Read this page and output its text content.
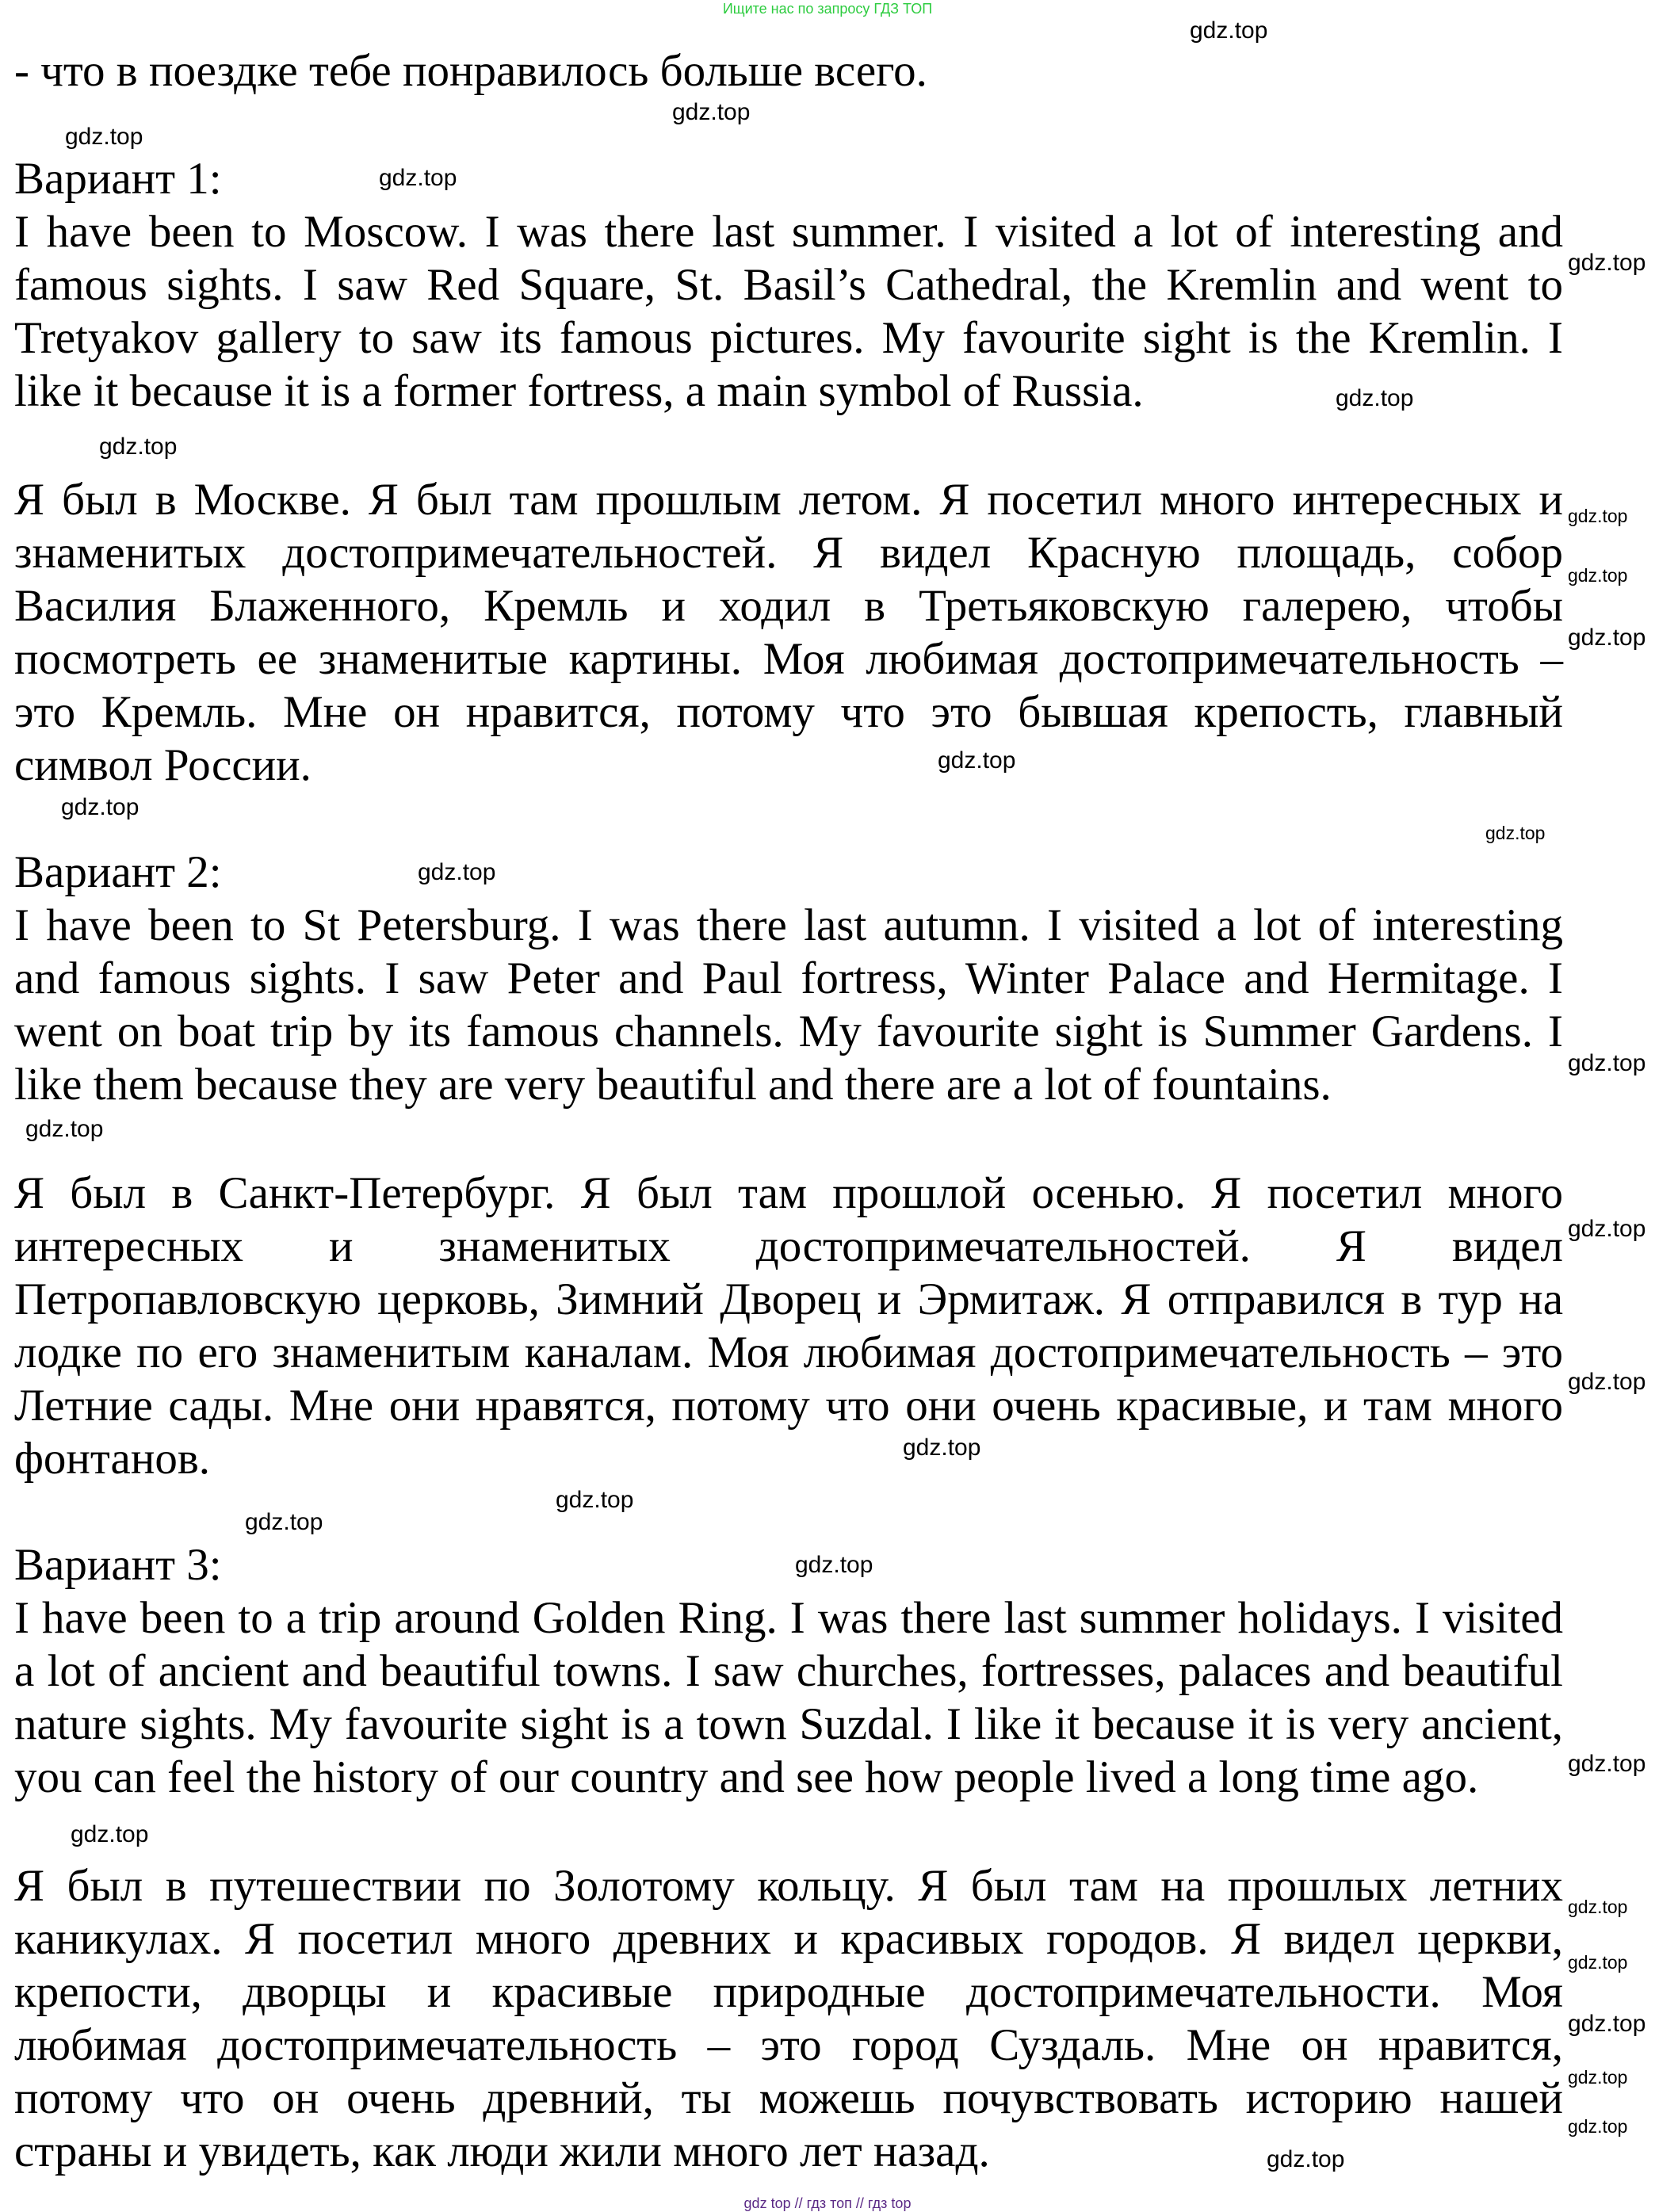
Ищите нас по запросу ГДЗ ТОП
- что в поездке тебе понравилось больше всего.
Вариант 1:
I have been to Moscow. I was there last summer. I visited a lot of interesting and
famous sights. I saw Red Square, St. Basil’s Cathedral, the Kremlin and went to
Tretyakov gallery to saw its famous pictures. My favourite sight is the Kremlin. I
like it because it is a former fortress, a main symbol of Russia.
Я был в Москве. Я был там прошлым летом. Я посетил много интересных и
знаменитых достопримечательностей. Я видел Красную площадь, собор
Василия Блаженного, Кремль и ходил в Третьяковскую галерею, чтобы
посмотреть ее знаменитые картины. Моя любимая достопримечательность –
это Кремль. Мне он нравится, потому что это бывшая крепость, главный
символ России.
Вариант 2:
I have been to St Petersburg. I was there last autumn. I visited a lot of interesting
and famous sights. I saw Peter and Paul fortress, Winter Palace and Hermitage. I
went on boat trip by its famous channels. My favourite sight is Summer Gardens. I
like them because they are very beautiful and there are a lot of fountains.
Я был в Санкт-Петербург. Я был там прошлой осенью. Я посетил много
интересных и знаменитых достопримечательностей. Я видел
Петропавловскую церковь, Зимний Дворец и Эрмитаж. Я отправился в тур на
лодке по его знаменитым каналам. Моя любимая достопримечательность – это
Летние сады. Мне они нравятся, потому что они очень красивые, и там много
фонтанов.
Вариант 3:
I have been to a trip around Golden Ring. I was there last summer holidays. I visited
a lot of ancient and beautiful towns. I saw churches, fortresses, palaces and beautiful
nature sights. My favourite sight is a town Suzdal. I like it because it is very ancient,
you can feel the history of our country and see how people lived a long time ago.
Я был в путешествии по Золотому кольцу. Я был там на прошлых летних
каникулах. Я посетил много древних и красивых городов. Я видел церкви,
крепости, дворцы и красивые природные достопримечательности. Моя
любимая достопримечательность – это город Суздаль. Мне он нравится,
потому что он очень древний, ты можешь почувствовать историю нашей
страны и увидеть, как люди жили много лет назад.
gdz.top
gdz.top
gdz.top
gdz.top
gdz.top
gdz.top
gdz.top
gdz.top
gdz.top
gdz.top
gdz.top
gdz.top
gdz.top
gdz.top
gdz.top
gdz.top
gdz.top
gdz.top
gdz.top
gdz.top
gdz.top
gdz.top
gdz.top
gdz.top
gdz.top
gdz.top
gdz.top
gdz.top
gdz.top
gdz.top
gdz top // гдз топ // гдз top
